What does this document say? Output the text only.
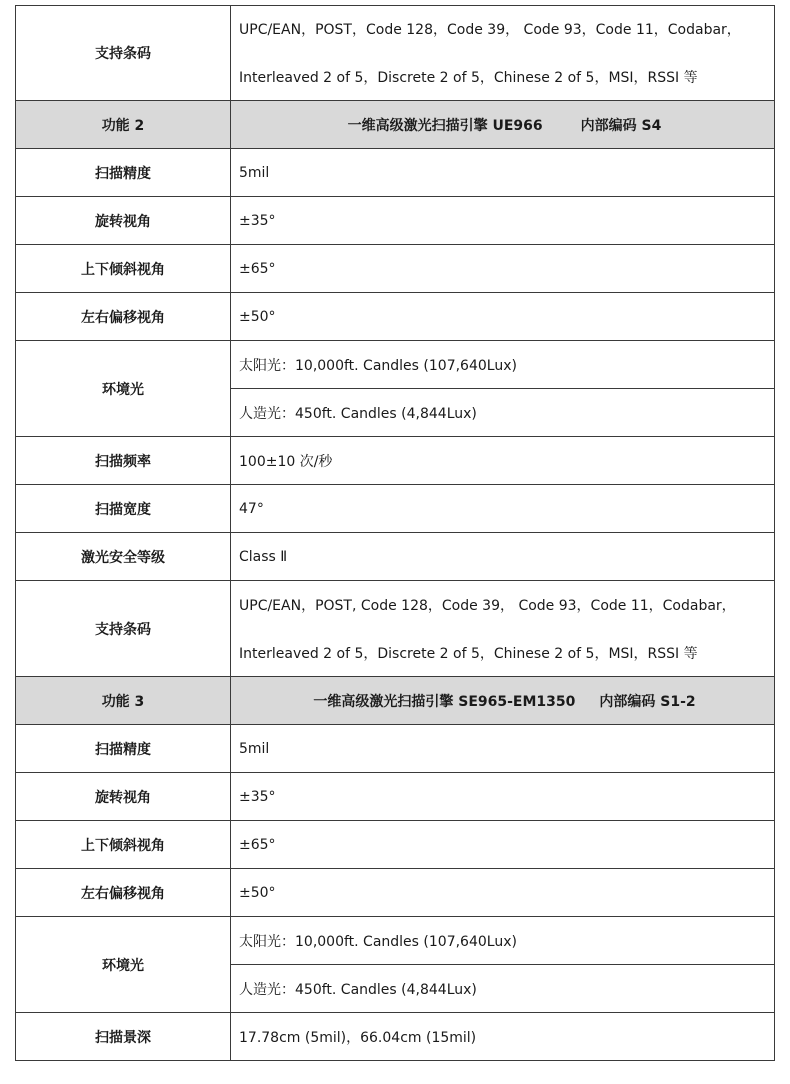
支持条码	UPC/EAN，POST，Code 128，Code 39， Code 93，Code 11，Codabar，
	Interleaved 2 of 5，Discrete 2 of 5，Chinese 2 of 5，MSI，RSSI 等
功能 2	一维高级激光扫描引擎 UE966 内部编码 S4
扫描精度	5mil
旋转视角	±35°
上下倾斜视角	±65°
左右偏移视角	±50°
环境光	太阳光：10,000ft. Candles (107,640Lux)
	人造光：450ft. Candles (4,844Lux)
扫描频率	100±10 次/秒
扫描宽度	47°
激光安全等级	Class Ⅱ
支持条码	UPC/EAN，POST, Code 128，Code 39， Code 93，Code 11，Codabar，
	Interleaved 2 of 5，Discrete 2 of 5，Chinese 2 of 5，MSI，RSSI 等
功能 3	一维高级激光扫描引擎 SE965-EM1350 内部编码 S1-2
扫描精度	5mil
旋转视角	±35°
上下倾斜视角	±65°
左右偏移视角	±50°
环境光	太阳光：10,000ft. Candles (107,640Lux)
	人造光：450ft. Candles (4,844Lux)
扫描景深	17.78cm (5mil)，66.04cm (15mil)
